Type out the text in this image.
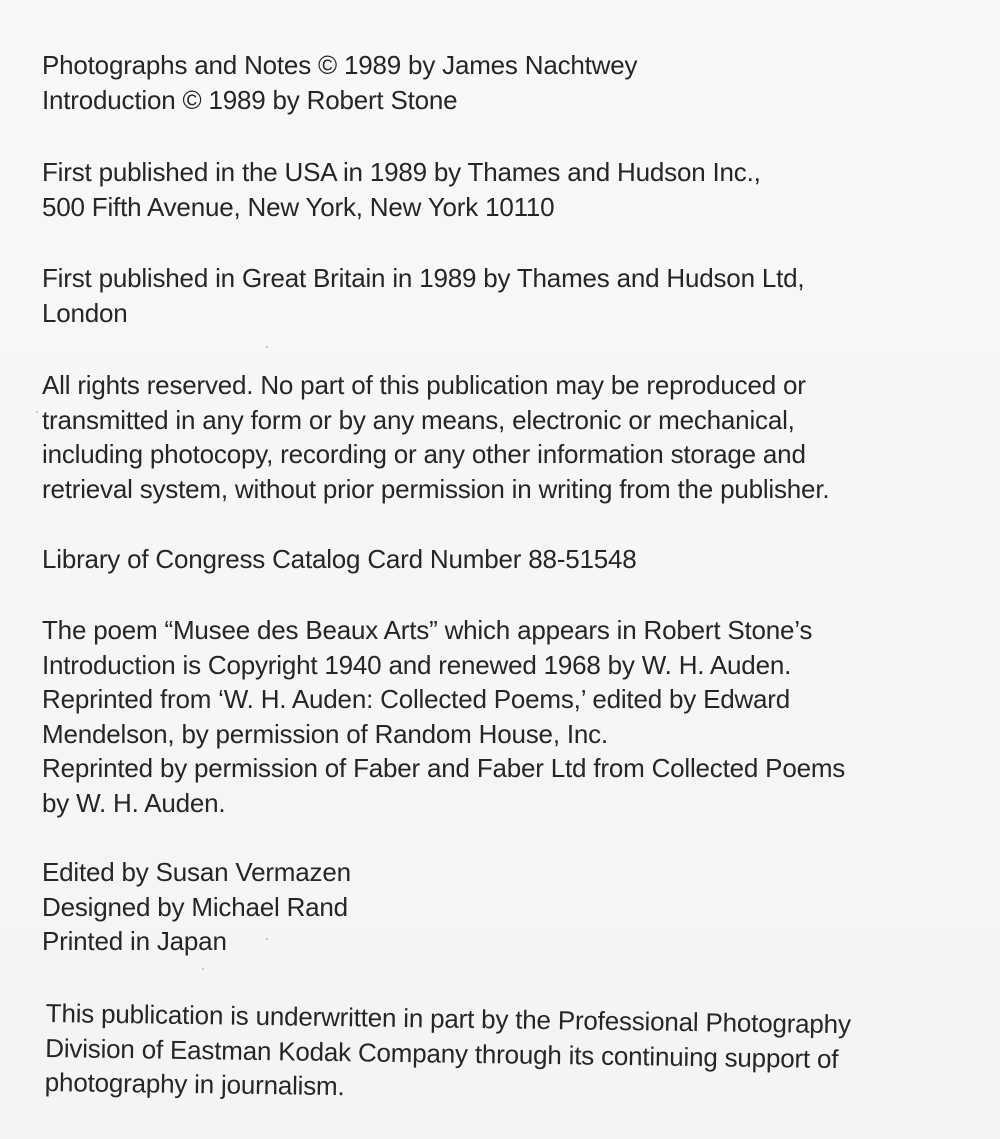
Photographs and Notes © 1989 by James Nachtwey
Introduction © 1989 by Robert Stone

First published in the USA in 1989 by Thames and Hudson Inc.,
500 Fifth Avenue, New York, New York 10110

First published in Great Britain in 1989 by Thames and Hudson Ltd,
London

All rights reserved. No part of this publication may be reproduced or
transmitted in any form or by any means, electronic or mechanical,
including photocopy, recording or any other information storage and
retrieval system, without prior permission in writing from the publisher.

Library of Congress Catalog Card Number 88-51548

The poem “Musee des Beaux Arts” which appears in Robert Stone’s
Introduction is Copyright 1940 and renewed 1968 by W. H. Auden.
Reprinted from ‘W. H. Auden: Collected Poems,’ edited by Edward
Mendelson, by permission of Random House, Inc.
Reprinted by permission of Faber and Faber Ltd from Collected Poems
by W. H. Auden.

Edited by Susan Vermazen
Designed by Michael Rand
Printed in Japan

This publication is underwritten in part by the Professional Photography
Division of Eastman Kodak Company through its continuing support of
photography in journalism.
